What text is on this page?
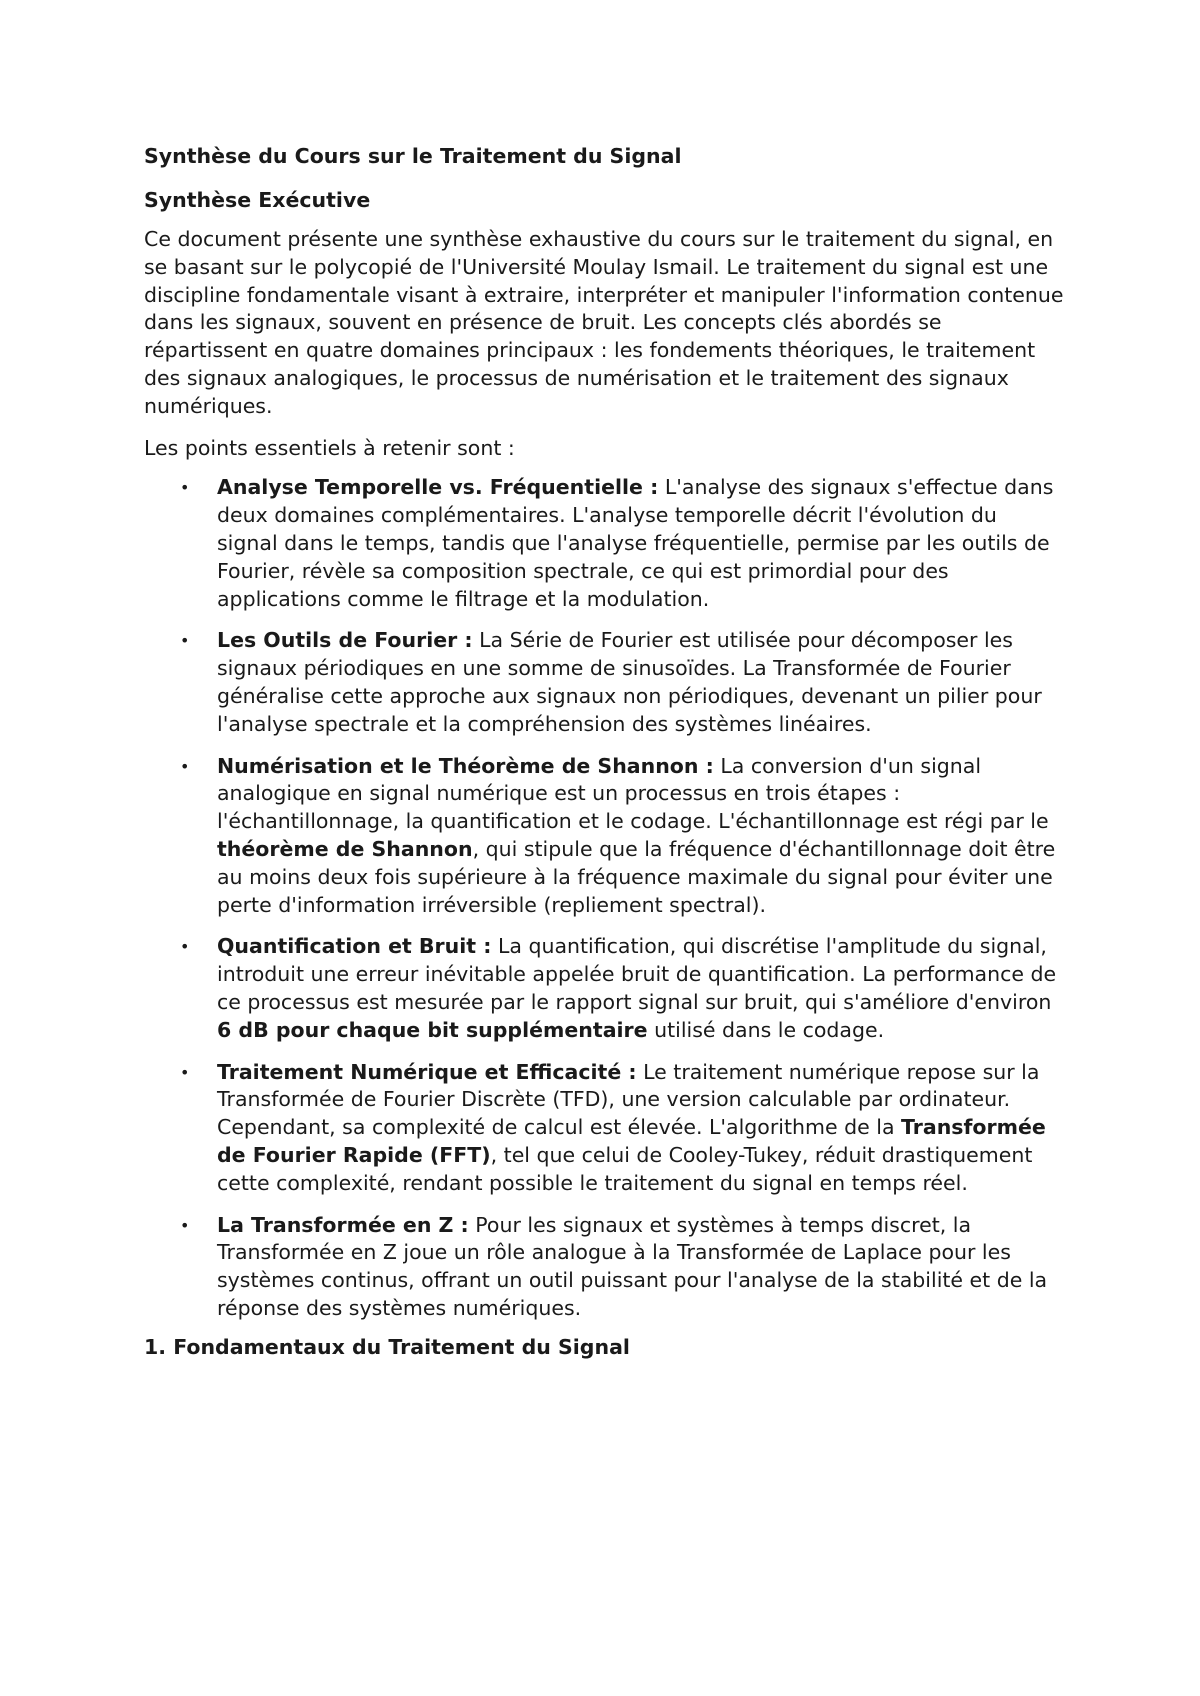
Synthèse du Cours sur le Traitement du Signal
Synthèse Exécutive
Ce document présente une synthèse exhaustive du cours sur le traitement du signal, en se basant sur le polycopié de l'Université Moulay Ismail. Le traitement du signal est une discipline fondamentale visant à extraire, interpréter et manipuler l'information contenue dans les signaux, souvent en présence de bruit. Les concepts clés abordés se répartissent en quatre domaines principaux : les fondements théoriques, le traitement des signaux analogiques, le processus de numérisation et le traitement des signaux numériques.
Les points essentiels à retenir sont :
• Analyse Temporelle vs. Fréquentielle : L'analyse des signaux s'effectue dans deux domaines complémentaires. L'analyse temporelle décrit l'évolution du signal dans le temps, tandis que l'analyse fréquentielle, permise par les outils de Fourier, révèle sa composition spectrale, ce qui est primordial pour des applications comme le filtrage et la modulation.
• Les Outils de Fourier : La Série de Fourier est utilisée pour décomposer les signaux périodiques en une somme de sinusoïdes. La Transformée de Fourier généralise cette approche aux signaux non périodiques, devenant un pilier pour l'analyse spectrale et la compréhension des systèmes linéaires.
• Numérisation et le Théorème de Shannon : La conversion d'un signal analogique en signal numérique est un processus en trois étapes : l'échantillonnage, la quantification et le codage. L'échantillonnage est régi par le théorème de Shannon, qui stipule que la fréquence d'échantillonnage doit être au moins deux fois supérieure à la fréquence maximale du signal pour éviter une perte d'information irréversible (repliement spectral).
• Quantification et Bruit : La quantification, qui discrétise l'amplitude du signal, introduit une erreur inévitable appelée bruit de quantification. La performance de ce processus est mesurée par le rapport signal sur bruit, qui s'améliore d'environ 6 dB pour chaque bit supplémentaire utilisé dans le codage.
• Traitement Numérique et Efficacité : Le traitement numérique repose sur la Transformée de Fourier Discrète (TFD), une version calculable par ordinateur. Cependant, sa complexité de calcul est élevée. L'algorithme de la Transformée de Fourier Rapide (FFT), tel que celui de Cooley-Tukey, réduit drastiquement cette complexité, rendant possible le traitement du signal en temps réel.
• La Transformée en Z : Pour les signaux et systèmes à temps discret, la Transformée en Z joue un rôle analogue à la Transformée de Laplace pour les systèmes continus, offrant un outil puissant pour l'analyse de la stabilité et de la réponse des systèmes numériques.
1. Fondamentaux du Traitement du Signal
